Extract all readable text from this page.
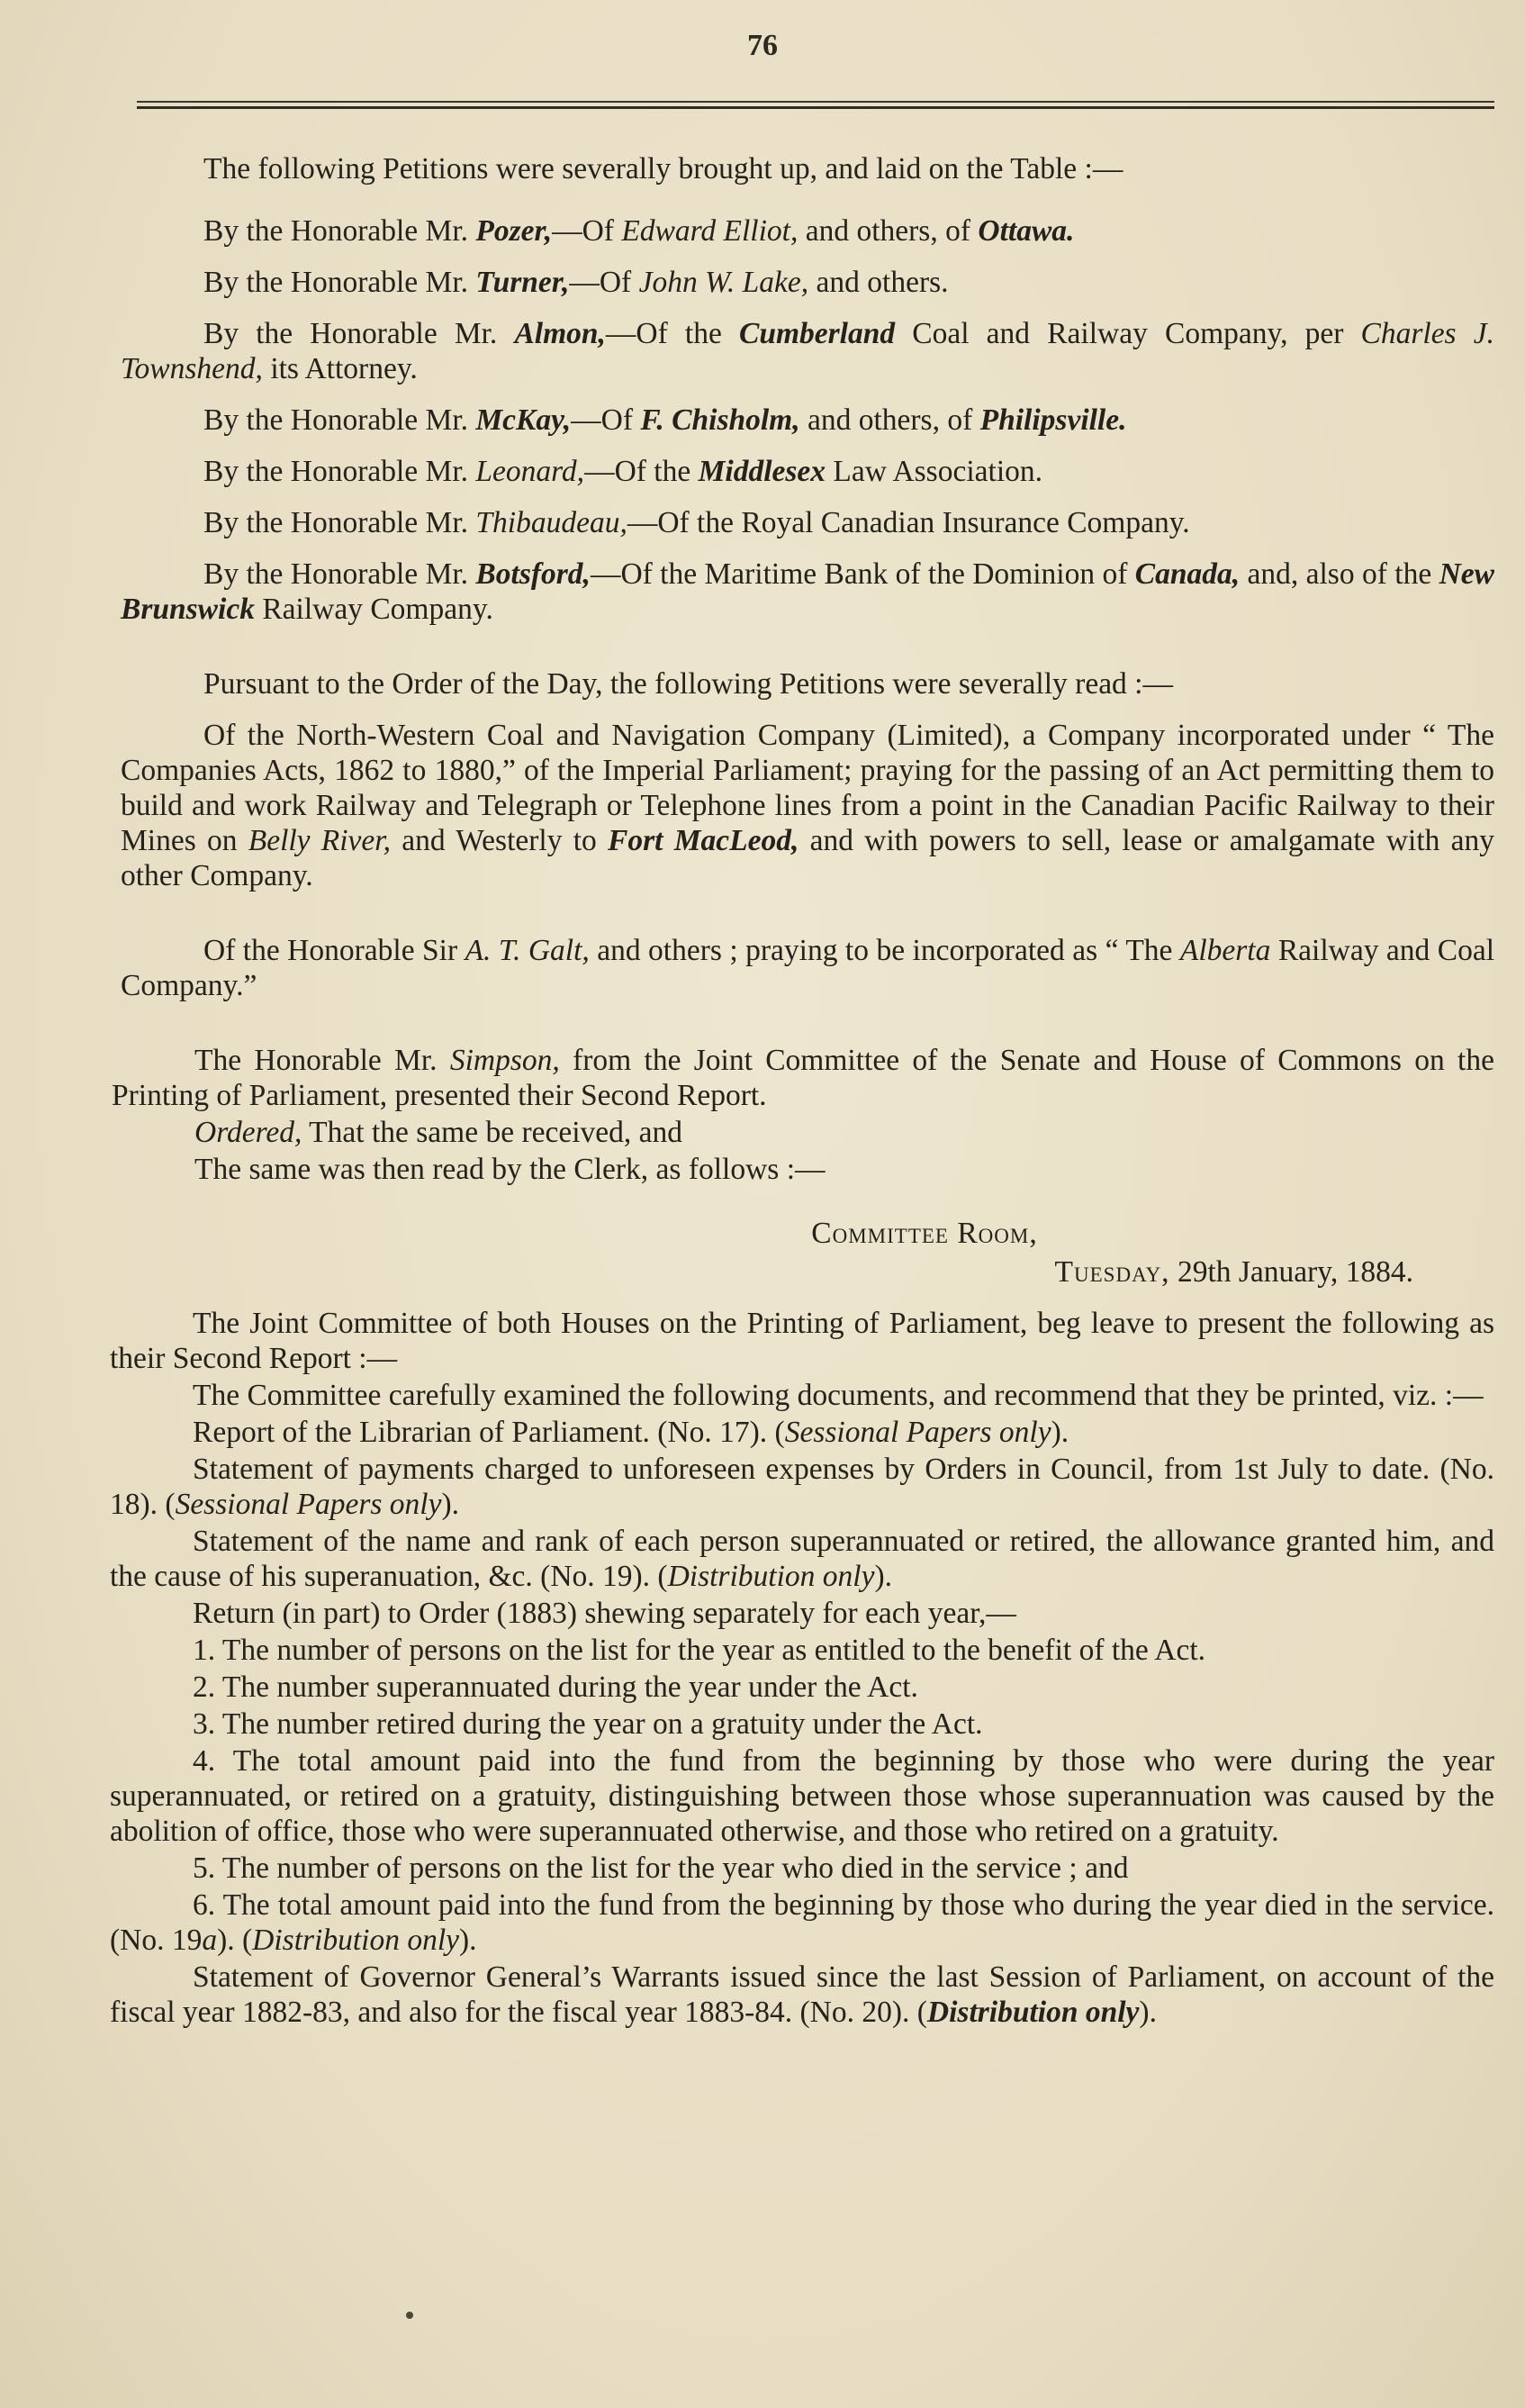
76

The following Petitions were severally brought up, and laid on the Table :—

By the Honorable Mr. Pozer,—Of Edward Elliot, and others, of Ottawa.

By the Honorable Mr. Turner,—Of John W. Lake, and others.

By the Honorable Mr. Almon,—Of the Cumberland Coal and Railway Company, per Charles J. Townshend, its Attorney.

By the Honorable Mr. McKay,—Of F. Chisholm, and others, of Philipsville.

By the Honorable Mr. Leonard,—Of the Middlesex Law Association.

By the Honorable Mr. Thibaudeau,—Of the Royal Canadian Insurance Company.

By the Honorable Mr. Botsford,—Of the Maritime Bank of the Dominion of Canada, and, also of the New Brunswick Railway Company.

Pursuant to the Order of the Day, the following Petitions were severally read :—

Of the North-Western Coal and Navigation Company (Limited), a Company incorporated under “ The Companies Acts, 1862 to 1880,” of the Imperial Parliament; praying for the passing of an Act permitting them to build and work Railway and Telegraph or Telephone lines from a point in the Canadian Pacific Railway to their Mines on Belly River, and Westerly to Fort MacLeod, and with powers to sell, lease or amalgamate with any other Company.

Of the Honorable Sir A. T. Galt, and others ; praying to be incorporated as “ The Alberta Railway and Coal Company.”

The Honorable Mr. Simpson, from the Joint Committee of the Senate and House of Commons on the Printing of Parliament, presented their Second Report.

Ordered, That the same be received, and

The same was then read by the Clerk, as follows :—

Committee Room,

Tuesday, 29th January, 1884.

The Joint Committee of both Houses on the Printing of Parliament, beg leave to present the following as their Second Report :—

The Committee carefully examined the following documents, and recommend that they be printed, viz. :—

Report of the Librarian of Parliament. (No. 17). (Sessional Papers only).

Statement of payments charged to unforeseen expenses by Orders in Council, from 1st July to date. (No. 18). (Sessional Papers only).

Statement of the name and rank of each person superannuated or retired, the allowance granted him, and the cause of his superanuation, &c. (No. 19). (Distribution only).

Return (in part) to Order (1883) shewing separately for each year,—

1. The number of persons on the list for the year as entitled to the benefit of the Act.

2. The number superannuated during the year under the Act.

3. The number retired during the year on a gratuity under the Act.

4. The total amount paid into the fund from the beginning by those who were during the year superannuated, or retired on a gratuity, distinguishing between those whose superannuation was caused by the abolition of office, those who were superannuated otherwise, and those who retired on a gratuity.

5. The number of persons on the list for the year who died in the service ; and

6. The total amount paid into the fund from the beginning by those who during the year died in the service. (No. 19a). (Distribution only).

Statement of Governor General’s Warrants issued since the last Session of Parliament, on account of the fiscal year 1882-83, and also for the fiscal year 1883-84. (No. 20). (Distribution only).
